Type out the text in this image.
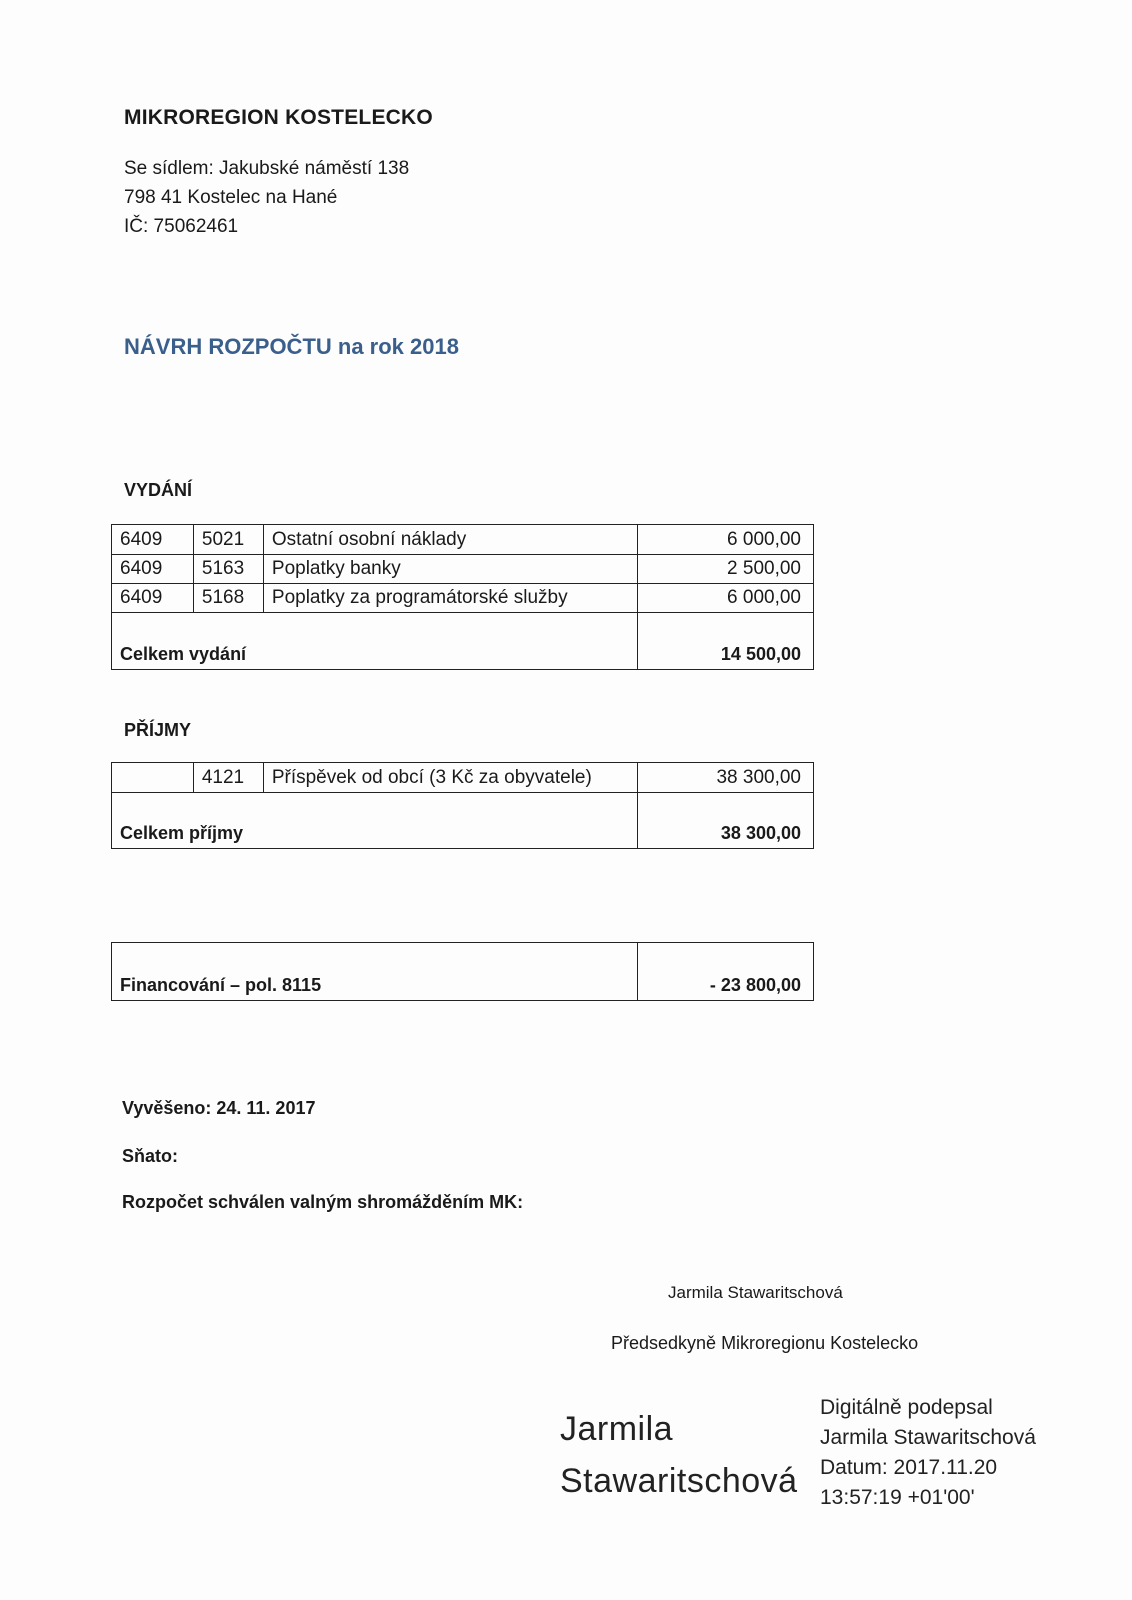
MIKROREGION KOSTELECKO
Se sídlem: Jakubské náměstí 138
798 41 Kostelec na Hané
IČ: 75062461
NÁVRH ROZPOČTU na rok 2018
VYDÁNÍ
6409	5021	Ostatní osobní náklady	6 000,00
6409	5163	Poplatky banky	2 500,00
6409	5168	Poplatky za programátorské služby	6 000,00
Celkem vydání			14 500,00
PŘÍJMY
	4121	Příspěvek od obcí (3 Kč za obyvatele)	38 300,00
Celkem příjmy			38 300,00
Financování – pol. 8115	- 23 800,00
Vyvěšeno: 24. 11. 2017
Sňato:
Rozpočet schválen valným shromážděním MK:
Jarmila Stawaritschová
Předsedkyně Mikroregionu Kostelecko
Jarmila
Stawaritschová
Digitálně podepsal
Jarmila Stawaritschová
Datum: 2017.11.20
13:57:19 +01'00'
